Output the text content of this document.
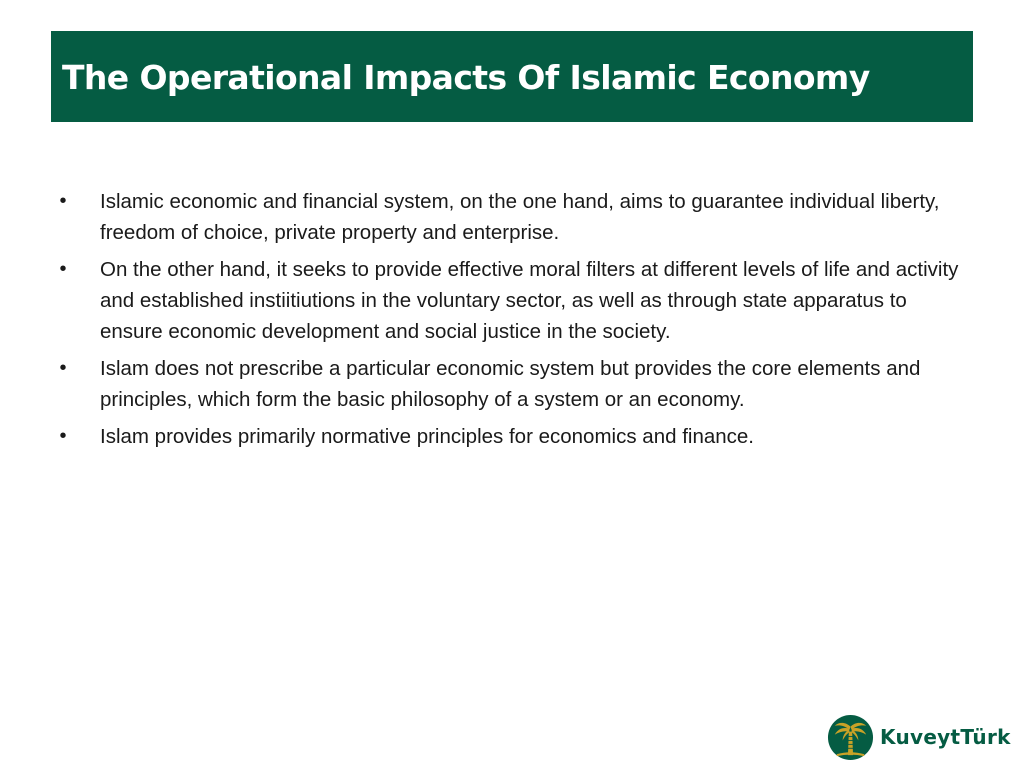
The Operational Impacts Of Islamic Economy
• Islamic economic and financial system, on the one hand, aims to guarantee individual liberty, freedom of choice, private property and enterprise.
• On the other hand, it seeks to provide effective moral filters at different levels of life and activity and established instiitiutions in the voluntary sector, as well as through state apparatus to ensure economic development and social justice in the society.
• Islam does not prescribe a particular economic system but provides the core elements and principles, which form the basic philosophy of a system or an economy.
• Islam provides primarily normative principles for economics and finance.
KuveytTürk
